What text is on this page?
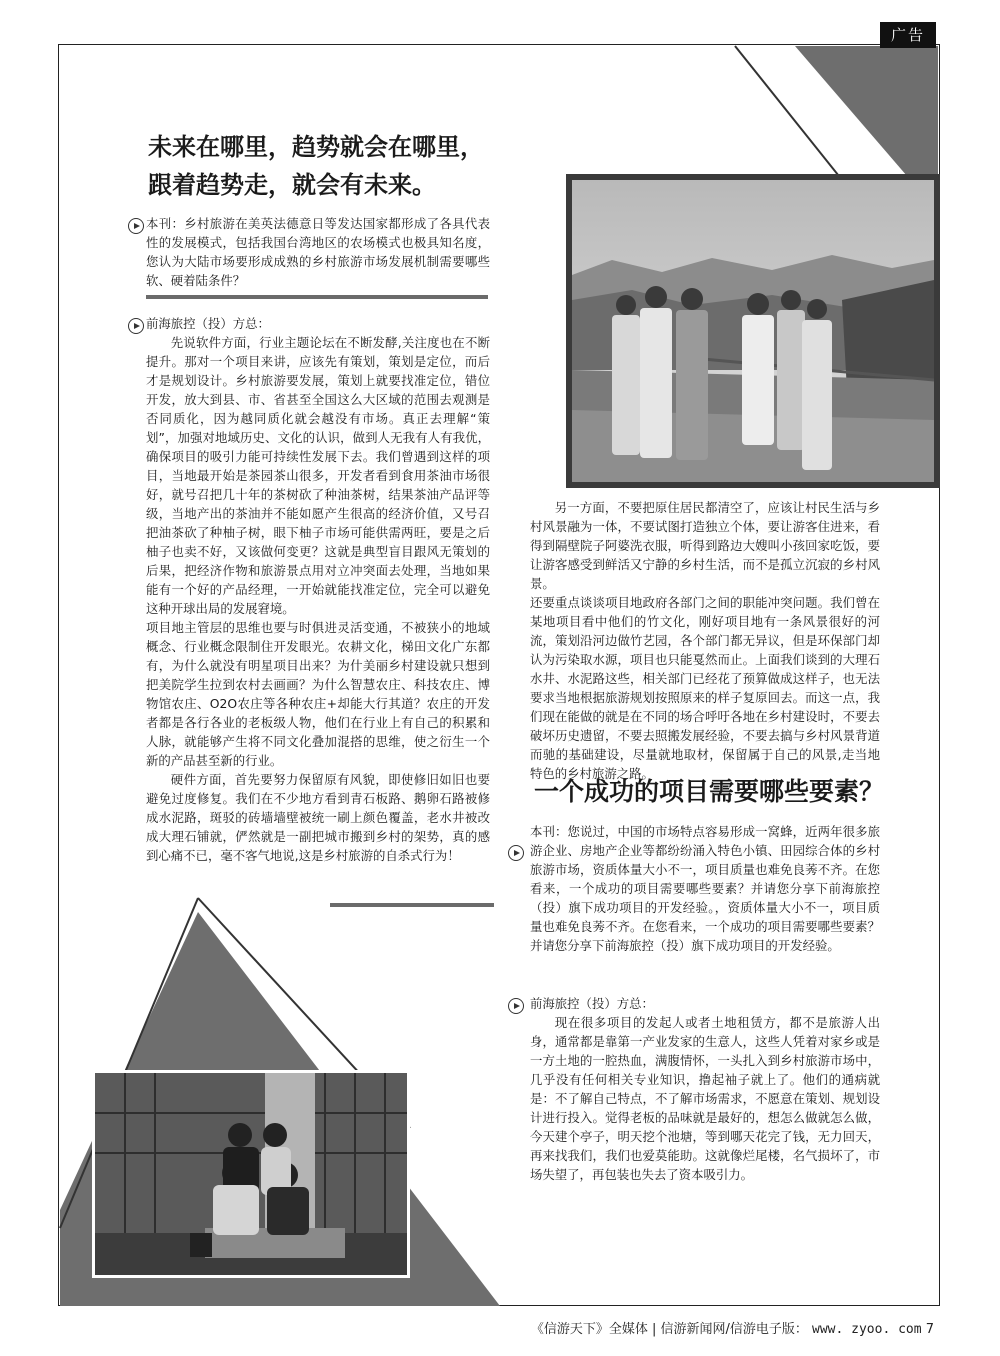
广告
未来在哪里，趋势就会在哪里，
跟着趋势走，就会有未来。

本刊：乡村旅游在美英法德意日等发达国家都形成了各具代表性的发展模式，包括我国台湾地区的农场模式也极具知名度，您认为大陆市场要形成成熟的乡村旅游市场发展机制需要哪些软、硬着陆条件？

前海旅控（投）方总：

先说软件方面，行业主题论坛在不断发酵,关注度也在不断提升。那对一个项目来讲，应该先有策划，策划是定位，而后才是规划设计。乡村旅游要发展，策划上就要找准定位，错位开发，放大到县、市、省甚至全国这么大区域的范围去观测是否同质化，因为越同质化就会越没有市场。真正去理解“策划”，加强对地域历史、文化的认识，做到人无我有人有我优，确保项目的吸引力能可持续性发展下去。我们曾遇到这样的项目，当地最开始是茶园茶山很多，开发者看到食用茶油市场很好，就号召把几十年的茶树砍了种油茶树，结果茶油产品评等级，当地产出的茶油并不能如愿产生很高的经济价值，又号召把油茶砍了种柚子树，眼下柚子市场可能供需两旺，要是之后柚子也卖不好，又该做何变更？这就是典型盲目跟风无策划的后果，把经济作物和旅游景点用对立冲突面去处理，当地如果能有一个好的产品经理，一开始就能找准定位，完全可以避免这种开球出局的发展窘境。

项目地主管层的思维也要与时俱进灵活变通，不被狭小的地域概念、行业概念限制住开发眼光。农耕文化，梯田文化广东都有，为什么就没有明星项目出来？为什美丽乡村建设就只想到把美院学生拉到农村去画画？为什么智慧农庄、科技农庄、博物馆农庄、O2O农庄等各种农庄+却能大行其道？农庄的开发者都是各行各业的老板级人物，他们在行业上有自己的积累和人脉，就能够产生将不同文化叠加混搭的思维，使之衍生一个新的产品甚至新的行业。

硬件方面，首先要努力保留原有风貌，即使修旧如旧也要避免过度修复。我们在不少地方看到青石板路、鹅卵石路被修成水泥路，斑驳的砖墙墙壁被统一刷上颜色覆盖，老水井被改成大理石铺就，俨然就是一副把城市搬到乡村的架势，真的感到心痛不已，毫不客气地说,这是乡村旅游的自杀式行为！

另一方面，不要把原住居民都清空了，应该让村民生活与乡村风景融为一体，不要试图打造独立个体，要让游客住进来，看得到隔壁院子阿婆洗衣服，听得到路边大嫂叫小孩回家吃饭，要让游客感受到鲜活又宁静的乡村生活，而不是孤立沉寂的乡村风景。

还要重点谈谈项目地政府各部门之间的职能冲突问题。我们曾在某地项目看中他们的竹文化，刚好项目地有一条风景很好的河流，策划沿河边做竹艺园，各个部门都无异议，但是环保部门却认为污染取水源，项目也只能戛然而止。上面我们谈到的大理石水井、水泥路这些，相关部门已经花了预算做成这样子，也无法要求当地根据旅游规划按照原来的样子复原回去。而这一点，我们现在能做的就是在不同的场合呼吁各地在乡村建设时，不要去破坏历史遗留，不要去照搬发展经验，不要去搞与乡村风景背道而驰的基础建设，尽量就地取材，保留属于自己的风景,走当地特色的乡村旅游之路。

一个成功的项目需要哪些要素？

本刊：您说过，中国的市场特点容易形成一窝蜂，近两年很多旅游企业、房地产企业等都纷纷涌入特色小镇、田园综合体的乡村旅游市场，资质体量大小不一，项目质量也难免良莠不齐。在您看来，一个成功的项目需要哪些要素？并请您分享下前海旅控（投）旗下成功项目的开发经验。，资质体量大小不一，项目质量也难免良莠不齐。在您看来，一个成功的项目需要哪些要素？并请您分享下前海旅控（投）旗下成功项目的开发经验。

前海旅控（投）方总：

现在很多项目的发起人或者土地租赁方，都不是旅游人出身，通常都是靠第一产业发家的生意人，这些人凭着对家乡或是一方土地的一腔热血，满腹情怀，一头扎入到乡村旅游市场中，几乎没有任何相关专业知识，撸起袖子就上了。他们的通病就是：不了解自己特点，不了解市场需求，不愿意在策划、规划设计进行投入。觉得老板的品味就是最好的，想怎么做就怎么做，今天建个亭子，明天挖个池塘，等到哪天花完了钱，无力回天，再来找我们，我们也爱莫能助。这就像烂尾楼，名气损坏了，市场失望了，再包装也失去了资本吸引力。

《信游天下》全媒体 | 信游新闻网/信游电子版： www. zyoo. com 7
